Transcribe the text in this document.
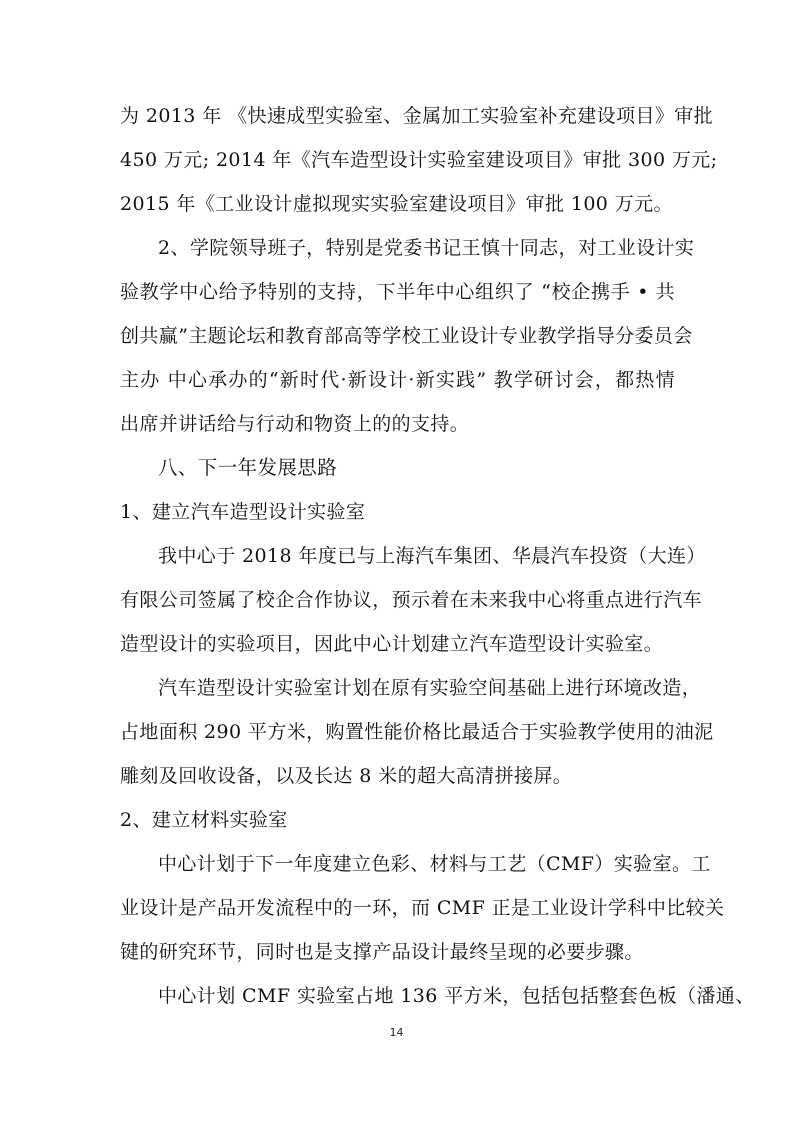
为 2013 年 《快速成型实验室、金属加工实验室补充建设项目》审批
450 万元; 2014 年《汽车造型设计实验室建设项目》审批 300 万元;
2015 年《工业设计虚拟现实实验室建设项目》审批 100 万元。
2、学院领导班子，特别是党委书记王慎十同志，对工业设计实
验教学中心给予特别的支持，下半年中心组织了 “校企携手 • 共
创共赢”主题论坛和教育部高等学校工业设计专业教学指导分委员会
主办 中心承办的“新时代·新设计·新实践” 教学研讨会，都热情
出席并讲话给与行动和物资上的的支持。
八、下一年发展思路
1、建立汽车造型设计实验室
我中心于 2018 年度已与上海汽车集团、华晨汽车投资（大连）
有限公司签属了校企合作协议，预示着在未来我中心将重点进行汽车
造型设计的实验项目，因此中心计划建立汽车造型设计实验室。
汽车造型设计实验室计划在原有实验空间基础上进行环境改造，
占地面积 290 平方米，购置性能价格比最适合于实验教学使用的油泥
雕刻及回收设备，以及长达 8 米的超大高清拼接屏。
2、建立材料实验室
中心计划于下一年度建立色彩、材料与工艺（CMF）实验室。工
业设计是产品开发流程中的一环，而 CMF 正是工业设计学科中比较关
键的研究环节，同时也是支撑产品设计最终呈现的必要步骤。
中心计划 CMF 实验室占地 136 平方米，包括包括整套色板（潘通、
14
